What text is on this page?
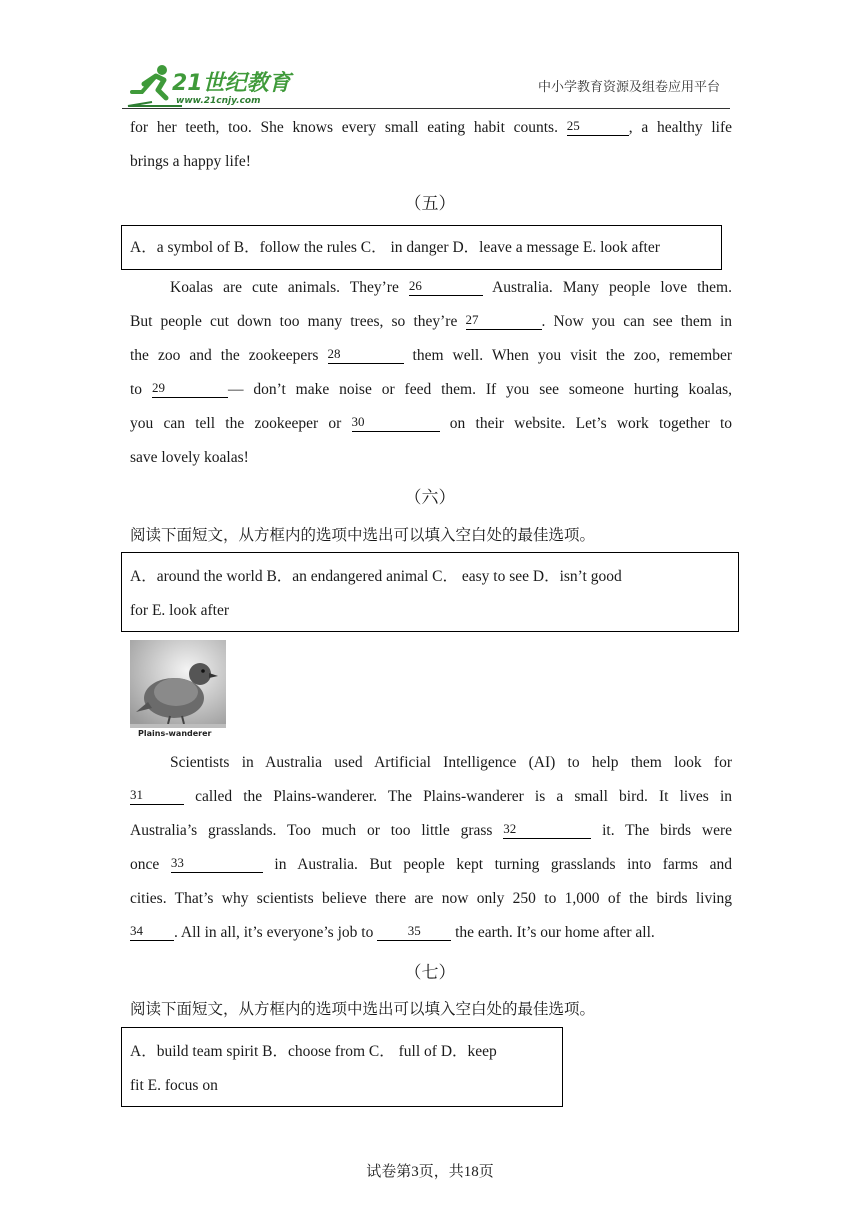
21世纪教育
www.21cnjy.com
中小学教育资源及组卷应用平台
for her teeth, too. She knows every small eating habit counts. 25	, a healthy life
brings a happy life!
（五）
A．a symbol of B．follow the rules C． in danger D．leave a message E. look after
Koalas are cute animals. They’re 26	Australia. Many people love them.
But people cut down too many trees, so they’re 27	. Now you can see them in
the zoo and the zookeepers 28	them well. When you visit the zoo, remember
to 29	— don’t make noise or feed them. If you see someone hurting koalas,
you can tell the zookeeper or 30	on their website. Let’s work together to
save lovely koalas!
（六）
阅读下面短文，从方框内的选项中选出可以填入空白处的最佳选项。
A．around the world B．an endangered animal C． easy to see D．isn’t good
for E. look after
Plains-wanderer
Scientists in Australia used Artificial Intelligence (AI) to help them look for
31	called the Plains-wanderer. The Plains-wanderer is a small bird. It lives in
Australia’s grasslands. Too much or too little grass 32	it. The birds were
once 33	in Australia. But people kept turning grasslands into farms and
cities. That’s why scientists believe there are now only 250 to 1,000 of the birds living
34 . All in all, it’s everyone’s job to	35 the earth. It’s our home after all.
（七）
阅读下面短文，从方框内的选项中选出可以填入空白处的最佳选项。
A．build team spirit B．choose from C． full of D．keep
fit E. focus on
试卷第3页，共18页
